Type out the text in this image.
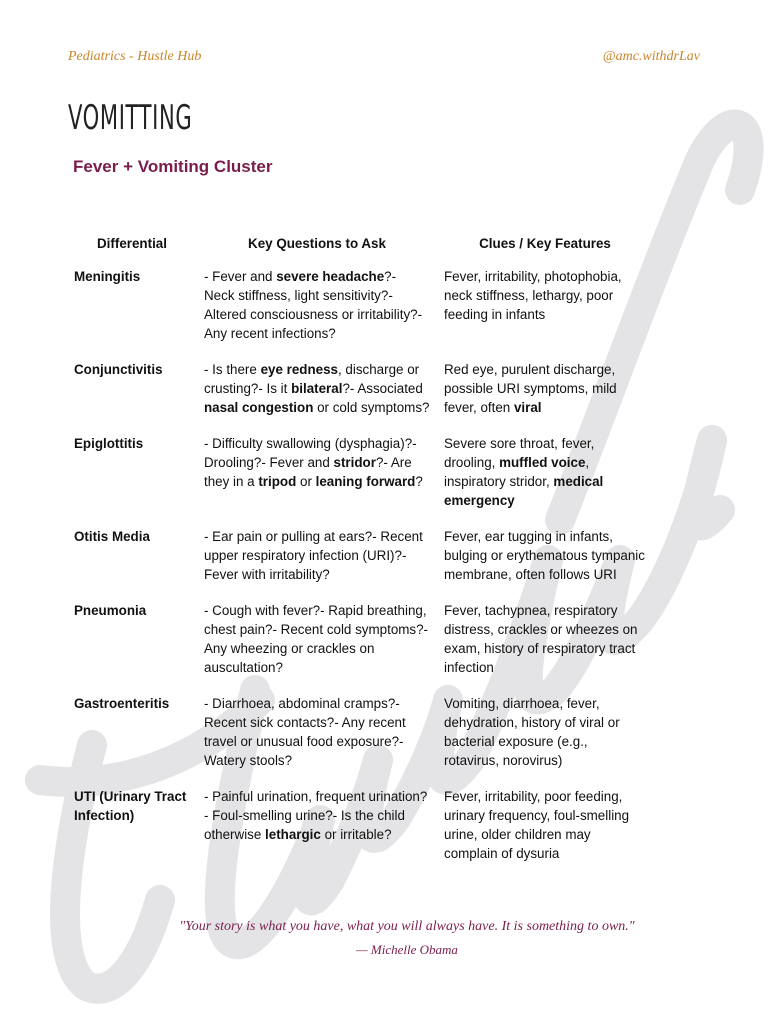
Pediatrics - Hustle Hub	@amc.withdrLav
VOMITTING
Fever + Vomiting Cluster
Differential	Key Questions to Ask	Clues / Key Features
Meningitis	- Fever and severe headache?- Neck stiffness, light sensitivity?- Altered consciousness or irritability?- Any recent infections?	Fever, irritability, photophobia, neck stiffness, lethargy, poor feeding in infants
Conjunctivitis	- Is there eye redness, discharge or crusting?- Is it bilateral?- Associated nasal congestion or cold symptoms?	Red eye, purulent discharge, possible URI symptoms, mild fever, often viral
Epiglottitis	- Difficulty swallowing (dysphagia)?- Drooling?- Fever and stridor?- Are they in a tripod or leaning forward?	Severe sore throat, fever, drooling, muffled voice, inspiratory stridor, medical emergency
Otitis Media	- Ear pain or pulling at ears?- Recent upper respiratory infection (URI)?- Fever with irritability?	Fever, ear tugging in infants, bulging or erythematous tympanic membrane, often follows URI
Pneumonia	- Cough with fever?- Rapid breathing, chest pain?- Recent cold symptoms?- Any wheezing or crackles on auscultation?	Fever, tachypnea, respiratory distress, crackles or wheezes on exam, history of respiratory tract infection
Gastroenteritis	- Diarrhoea, abdominal cramps?- Recent sick contacts?- Any recent travel or unusual food exposure?- Watery stools?	Vomiting, diarrhoea, fever, dehydration, history of viral or bacterial exposure (e.g., rotavirus, norovirus)
UTI (Urinary Tract Infection)	- Painful urination, frequent urination?- Foul-smelling urine?- Is the child otherwise lethargic or irritable?	Fever, irritability, poor feeding, urinary frequency, foul-smelling urine, older children may complain of dysuria
"Your story is what you have, what you will always have. It is something to own."
— Michelle Obama
